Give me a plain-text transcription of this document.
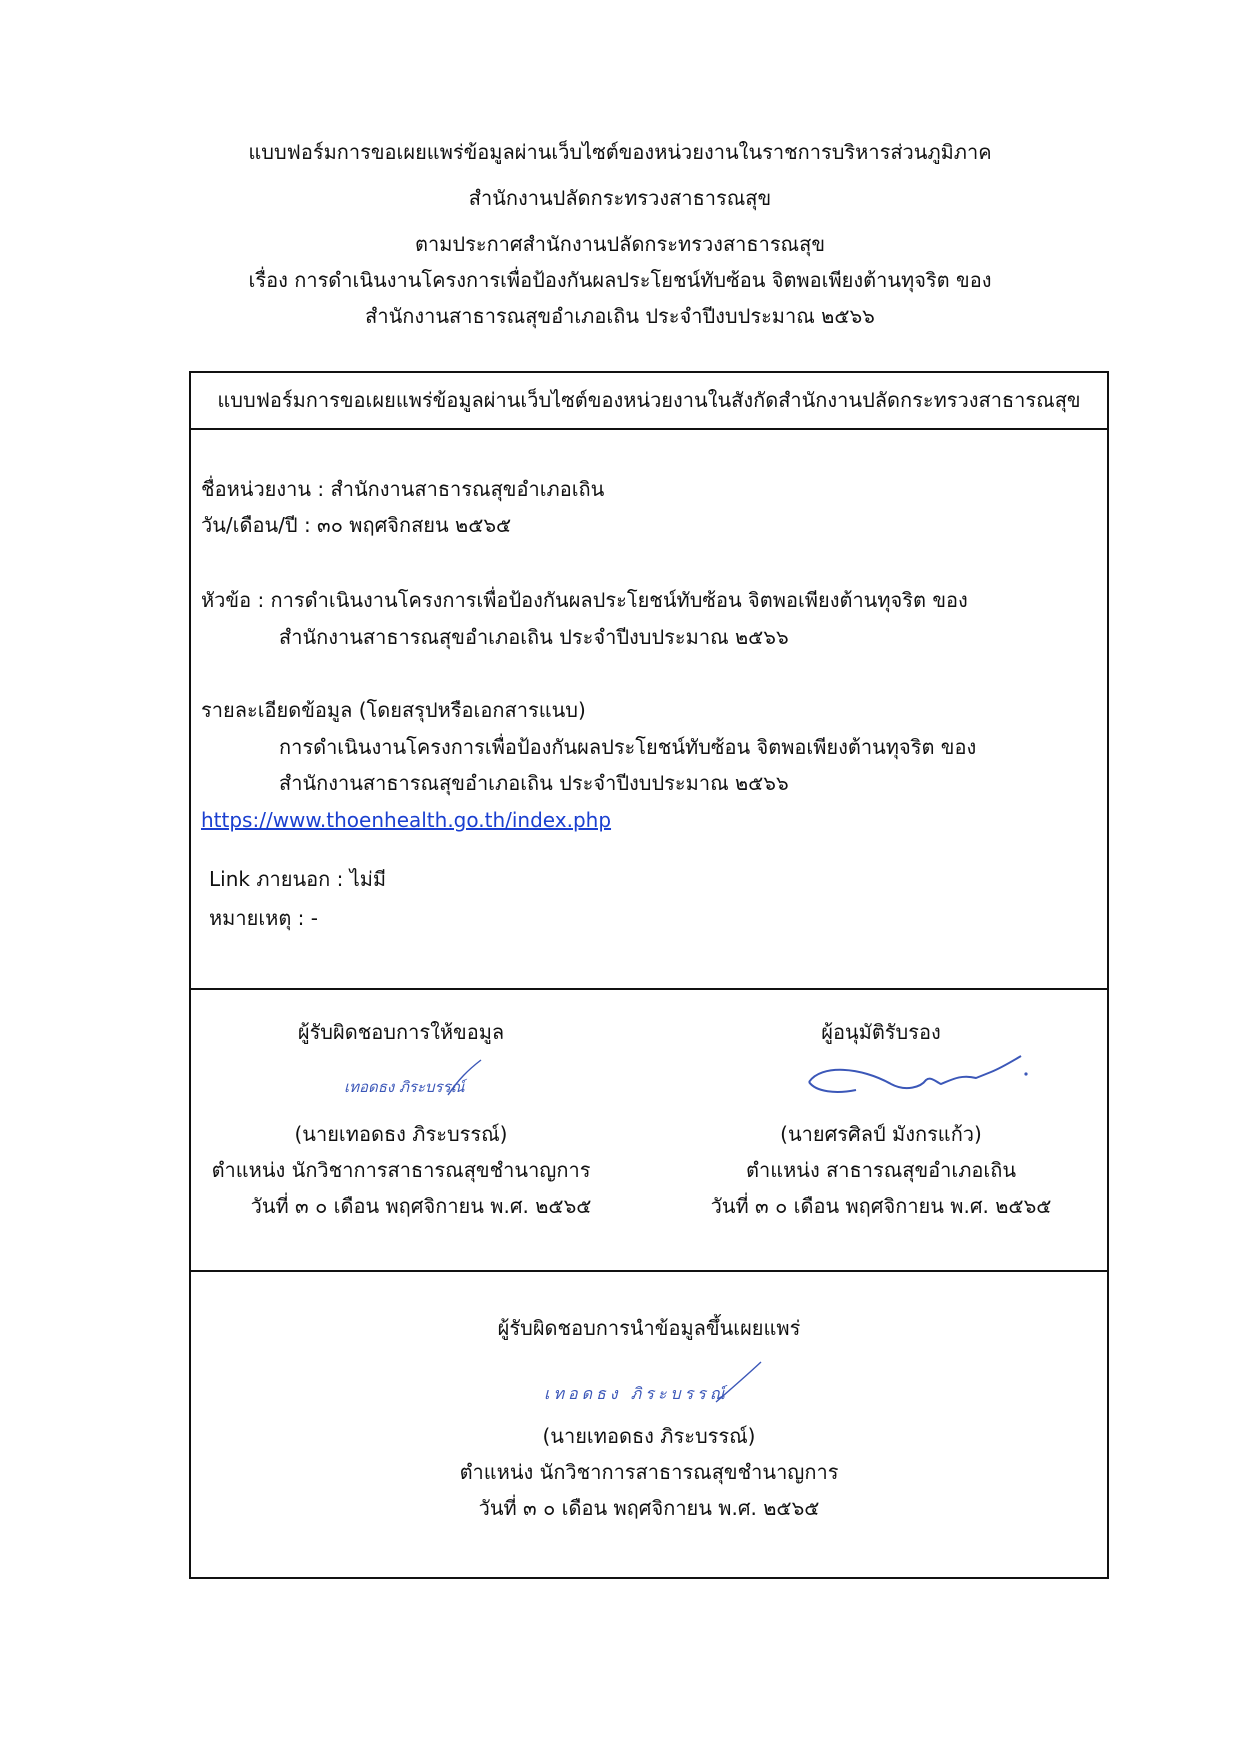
แบบฟอร์มการขอเผยแพร่ข้อมูลผ่านเว็บไซต์ของหน่วยงานในราชการบริหารส่วนภูมิภาค
สำนักงานปลัดกระทรวงสาธารณสุข
ตามประกาศสำนักงานปลัดกระทรวงสาธารณสุข
เรื่อง การดำเนินงานโครงการเพื่อป้องกันผลประโยชน์ทับซ้อน จิตพอเพียงต้านทุจริต ของ
สำนักงานสาธารณสุขอำเภอเถิน ประจำปีงบประมาณ ๒๕๖๖
แบบฟอร์มการขอเผยแพร่ข้อมูลผ่านเว็บไซต์ของหน่วยงานในสังกัดสำนักงานปลัดกระทรวงสาธารณสุข
ชื่อหน่วยงาน : สำนักงานสาธารณสุขอำเภอเถิน
วัน/เดือน/ปี : ๓๐ พฤศจิกสยน ๒๕๖๕
หัวข้อ : การดำเนินงานโครงการเพื่อป้องกันผลประโยชน์ทับซ้อน จิตพอเพียงต้านทุจริต ของ
สำนักงานสาธารณสุขอำเภอเถิน ประจำปีงบประมาณ ๒๕๖๖
รายละเอียดข้อมูล (โดยสรุปหรือเอกสารแนบ)
การดำเนินงานโครงการเพื่อป้องกันผลประโยชน์ทับซ้อน จิตพอเพียงต้านทุจริต ของ
สำนักงานสาธารณสุขอำเภอเถิน ประจำปีงบประมาณ ๒๕๖๖
https://www.thoenhealth.go.th/index.php
Link ภายนอก : ไม่มี
หมายเหตุ : -
ผู้รับผิดชอบการให้ขอมูล
เทอดธง ภิระบรรณ์
(นายเทอดธง ภิระบรรณ์)
ตำแหน่ง นักวิชาการสาธารณสุขชำนาญการ
วันที่ ๓ ๐ เดือน พฤศจิกายน พ.ศ. ๒๕๖๕
ผู้อนุมัติรับรอง
(นายศรศิลป์ มังกรแก้ว)
ตำแหน่ง สาธารณสุขอำเภอเถิน
วันที่ ๓ ๐ เดือน พฤศจิกายน พ.ศ. ๒๕๖๕
ผู้รับผิดชอบการนำข้อมูลขึ้นเผยแพร่
เทอดธง ภิระบรรณ์
(นายเทอดธง ภิระบรรณ์)
ตำแหน่ง นักวิชาการสาธารณสุขชำนาญการ
วันที่ ๓ ๐ เดือน พฤศจิกายน พ.ศ. ๒๕๖๕
